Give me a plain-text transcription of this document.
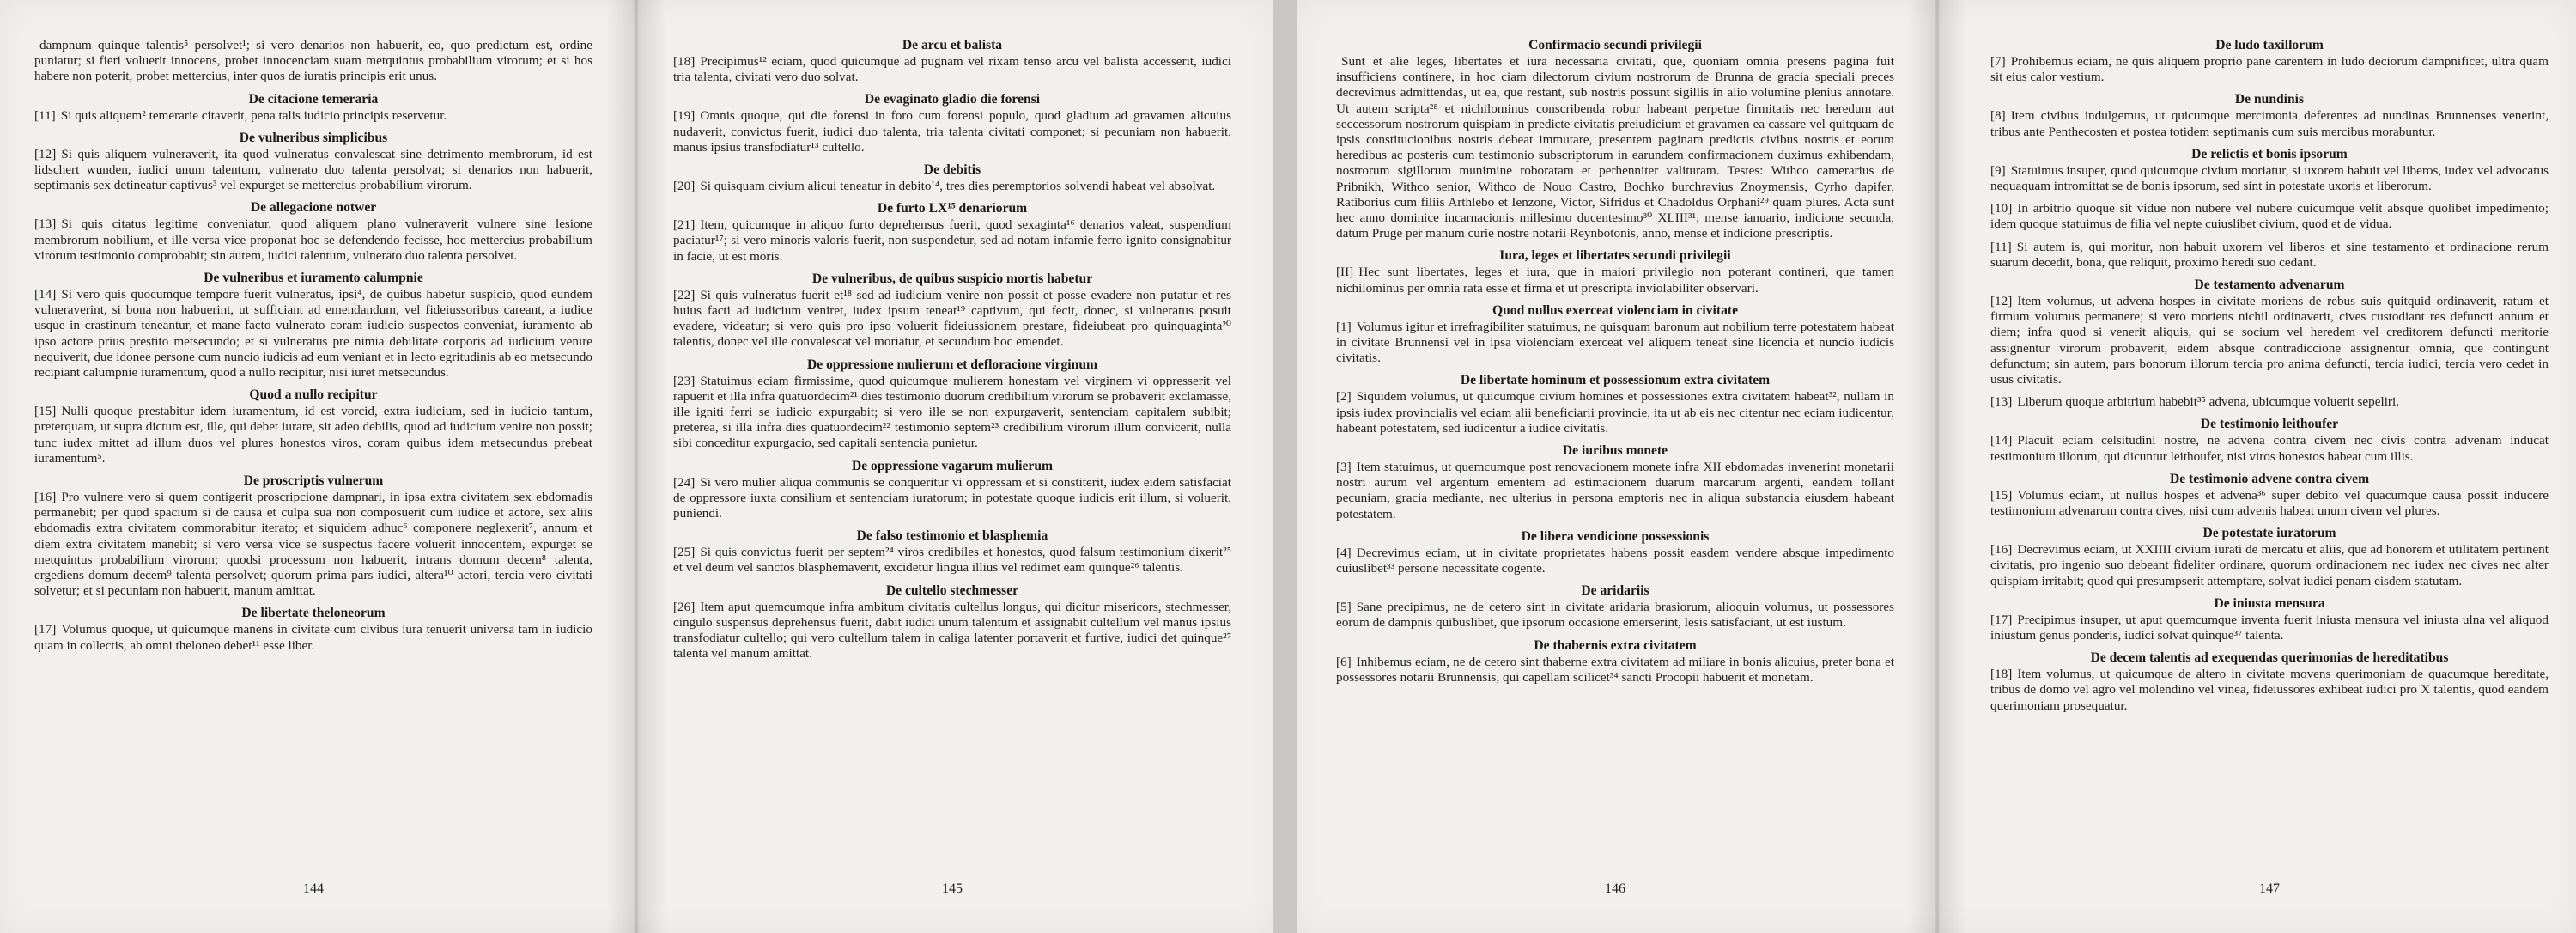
dampnum quinque talentis⁵ persolvet¹; si vero denarios non habuerit, eo, quo predictum est, ordine puniatur; si fieri voluerit innocens, probet innocenciam suam metquintus probabilium virorum; et si hos habere non poterit, probet mettercius, inter quos de iuratis principis erit unus.

De citacione temeraria

[11] Si quis aliquem² temerarie citaverit, pena talis iudicio principis reservetur.

De vulneribus simplicibus

[12] Si quis aliquem vulneraverit, ita quod vulneratus convalescat sine detrimento membrorum, id est lidschert wunden, iudici unum talentum, vulnerato duo talenta persolvat; si denarios non habuerit, septimanis sex detineatur captivus³ vel expurget se mettercius probabilium virorum.

De allegacione notwer

[13] Si quis citatus legitime conveniatur, quod aliquem plano vulneraverit vulnere sine lesione membrorum nobilium, et ille versa vice proponat hoc se defendendo fecisse, hoc mettercius probabilium virorum testimonio comprobabit; sin autem, iudici talentum, vulnerato duo talenta persolvet.

De vulneribus et iuramento calumpnie

[14] Si vero quis quocumque tempore fuerit vulneratus, ipsi⁴, de quibus habetur suspicio, quod eundem vulneraverint, si bona non habuerint, ut sufficiant ad emendandum, vel fideiussoribus careant, a iudice usque in crastinum teneantur, et mane facto vulnerato coram iudicio suspectos conveniat, iuramento ab ipso actore prius prestito metsecundo; et si vulneratus pre nimia debilitate corporis ad iudicium venire nequiverit, due idonee persone cum nuncio iudicis ad eum veniant et in lecto egritudinis ab eo metsecundo recipiant calumpnie iuramentum, quod a nullo recipitur, nisi iuret metsecundus.

Quod a nullo recipitur

[15] Nulli quoque prestabitur idem iuramentum, id est vorcid, extra iudicium, sed in iudicio tantum, preterquam, ut supra dictum est, ille, qui debet iurare, sit adeo debilis, quod ad iudicium venire non possit; tunc iudex mittet ad illum duos vel plures honestos viros, coram quibus idem metsecundus prebeat iuramentum⁵.

De proscriptis vulnerum

[16] Pro vulnere vero si quem contigerit proscripcione dampnari, in ipsa extra civitatem sex ebdomadis permanebit; per quod spacium si de causa et culpa sua non composuerit cum iudice et actore, sex aliis ebdomadis extra civitatem commorabitur iterato; et siquidem adhuc⁶ componere neglexerit⁷, annum et diem extra civitatem manebit; si vero versa vice se suspectus facere voluerit innocentem, expurget se metquintus probabilium virorum; quodsi processum non habuerit, intrans domum decem⁸ talenta, ergediens domum decem⁹ talenta persolvet; quorum prima pars iudici, altera¹⁰ actori, tercia vero civitati solvetur; et si pecuniam non habuerit, manum amittat.

De libertate theloneorum

[17] Volumus quoque, ut quicumque manens in civitate cum civibus iura tenuerit universa tam in iudicio quam in collectis, ab omni theloneo debet¹¹ esse liber.

144
De arcu et balista

[18] Precipimus¹² eciam, quod quicumque ad pugnam vel rixam tenso arcu vel balista accesserit, iudici tria talenta, civitati vero duo solvat.

De evaginato gladio die forensi

[19] Omnis quoque, qui die forensi in foro cum forensi populo, quod gladium ad gravamen alicuius nudaverit, convictus fuerit, iudici duo talenta, tria talenta civitati componet; si pecuniam non habuerit, manus ipsius transfodiatur¹³ cultello.

De debitis

[20] Si quisquam civium alicui teneatur in debito¹⁴, tres dies peremptorios solvendi habeat vel absolvat.

De furto LX¹⁵ denariorum

[21] Item, quicumque in aliquo furto deprehensus fuerit, quod sexaginta¹⁶ denarios valeat, suspendium paciatur¹⁷; si vero minoris valoris fuerit, non suspendetur, sed ad notam infamie ferro ignito consignabitur in facie, ut est moris.

De vulneribus, de quibus suspicio mortis habetur

[22] Si quis vulneratus fuerit et¹⁸ sed ad iudicium venire non possit et posse evadere non putatur et res huius facti ad iudicium veniret, iudex ipsum teneat¹⁹ captivum, qui fecit, donec, si vulneratus posuit evadere, videatur; si vero quis pro ipso voluerit fideiussionem prestare, fideiubeat pro quinquaginta²⁰ talentis, donec vel ille convalescat vel moriatur, et secundum hoc emendet.

De oppressione mulierum et defloracione virginum

[23] Statuimus eciam firmissime, quod quicumque mulierem honestam vel virginem vi oppresserit vel rapuerit et illa infra quatuordecim²¹ dies testimonio duorum credibilium virorum se probaverit exclamasse, ille igniti ferri se iudicio expurgabit; si vero ille se non expurgaverit, sentenciam capitalem subibit; preterea, si illa infra dies quatuordecim²² testimonio septem²³ credibilium virorum illum convicerit, nulla sibi conceditur expurgacio, sed capitali sentencia punietur.

De oppressione vagarum mulierum

[24] Si vero mulier aliqua communis se conqueritur vi oppressam et si constiterit, iudex eidem satisfaciat de oppressore iuxta consilium et sentenciam iuratorum; in potestate quoque iudicis erit illum, si voluerit, puniendi.

De falso testimonio et blasphemia

[25] Si quis convictus fuerit per septem²⁴ viros credibiles et honestos, quod falsum testimonium dixerit²⁵ et vel deum vel sanctos blasphemaverit, excidetur lingua illius vel redimet eam quinque²⁶ talentis.

De cultello stechmesser

[26] Item aput quemcumque infra ambitum civitatis cultellus longus, qui dicitur misericors, stechmesser, cingulo suspensus deprehensus fuerit, dabit iudici unum talentum et assignabit cultellum vel manus ipsius transfodiatur cultello; qui vero cultellum talem in caliga latenter portaverit et furtive, iudici det quinque²⁷ talenta vel manum amittat.

145
Confirmacio secundi privilegii

Sunt et alie leges, libertates et iura necessaria civitati, que, quoniam omnia presens pagina fuit insufficiens continere, in hoc ciam dilectorum civium nostrorum de Brunna de gracia speciali preces decrevimus admittendas, ut ea, que restant, sub nostris possunt sigillis in alio volumine plenius annotare. Ut autem scripta²⁸ et nichilominus conscribenda robur habeant perpetue firmitatis nec heredum aut seccessorum nostrorum quispiam in predicte civitatis preiudicium et gravamen ea cassare vel quitquam de ipsis constitucionibus nostris debeat immutare, presentem paginam predictis civibus nostris et eorum heredibus ac posteris cum testimonio subscriptorum in earundem confirmacionem duximus exhibendam, nostrorum sigillorum munimine roboratam et perhenniter valituram. Testes: Withco camerarius de Pribnikh, Withco senior, Withco de Nouo Castro, Bochko burchravius Znoymensis, Cyrho dapifer, Ratiborius cum filiis Arthlebo et Ienzone, Victor, Sifridus et Chadoldus Orphani²⁹ quam plures. Acta sunt hec anno dominice incarnacionis millesimo ducentesimo³⁰ XLIII³¹, mense ianuario, indicione secunda, datum Pruge per manum curie nostre notarii Reynbotonis, anno, mense et indicione prescriptis.

Iura, leges et libertates secundi privilegii

[II] Hec sunt libertates, leges et iura, que in maiori privilegio non poterant contineri, que tamen nichilominus per omnia rata esse et firma et ut prescripta inviolabiliter observari.

Quod nullus exerceat violenciam in civitate

[1] Volumus igitur et irrefragibiliter statuimus, ne quisquam baronum aut nobilium terre potestatem habeat in civitate Brunnensi vel in ipsa violenciam exerceat vel aliquem teneat sine licencia et nuncio iudicis civitatis.

De libertate hominum et possessionum extra civitatem

[2] Siquidem volumus, ut quicumque civium homines et possessiones extra civitatem habeat³², nullam in ipsis iudex provincialis vel eciam alii beneficiarii provincie, ita ut ab eis nec citentur nec eciam iudicentur, habeant potestatem, sed iudicentur a iudice civitatis.

De iuribus monete

[3] Item statuimus, ut quemcumque post renovacionem monete infra XII ebdomadas invenerint monetarii nostri aurum vel argentum ementem ad estimacionem duarum marcarum argenti, eandem tollant pecuniam, gracia mediante, nec ulterius in persona emptoris nec in aliqua substancia eiusdem habeant potestatem.

De libera vendicione possessionis

[4] Decrevimus eciam, ut in civitate proprietates habens possit easdem vendere absque impedimento cuiuslibet³³ persone necessitate cogente.

De aridariis

[5] Sane precipimus, ne de cetero sint in civitate aridaria brasiorum, alioquin volumus, ut possessores eorum de dampnis quibuslibet, que ipsorum occasione emerserint, lesis satisfaciant, ut est iustum.

De thabernis extra civitatem

[6] Inhibemus eciam, ne de cetero sint thaberne extra civitatem ad miliare in bonis alicuius, preter bona et possessores notarii Brunnensis, qui capellam scilicet³⁴ sancti Procopii habuerit et monetam.

146
De ludo taxillorum

[7] Prohibemus eciam, ne quis aliquem proprio pane carentem in ludo deciorum dampnificet, ultra quam sit eius calor vestium.

De nundinis

[8] Item civibus indulgemus, ut quicumque mercimonia deferentes ad nundinas Brunnenses venerint, tribus ante Penthecosten et postea totidem septimanis cum suis mercibus morabuntur.

De relictis et bonis ipsorum

[9] Statuimus insuper, quod quicumque civium moriatur, si uxorem habuit vel liberos, iudex vel advocatus nequaquam intromittat se de bonis ipsorum, sed sint in potestate uxoris et liberorum.

[10] In arbitrio quoque sit vidue non nubere vel nubere cuicumque velit absque quolibet impedimento; idem quoque statuimus de filia vel nepte cuiuslibet civium, quod et de vidua.

[11] Si autem is, qui moritur, non habuit uxorem vel liberos et sine testamento et ordinacione rerum suarum decedit, bona, que reliquit, proximo heredi suo cedant.

De testamento advenarum

[12] Item volumus, ut advena hospes in civitate moriens de rebus suis quitquid ordinaverit, ratum et firmum volumus permanere; si vero moriens nichil ordinaverit, cives custodiant res defuncti annum et diem; infra quod si venerit aliquis, qui se socium vel heredem vel creditorem defuncti meritorie assignentur virorum probaverit, eidem absque contradiccione assignentur omnia, que contingunt defunctum; sin autem, pars bonorum illorum tercia pro anima defuncti, tercia iudici, tercia vero cedet in usus civitatis.

[13] Liberum quoque arbitrium habebit³⁵ advena, ubicumque voluerit sepeliri.

De testimonio leithoufer

[14] Placuit eciam celsitudini nostre, ne advena contra civem nec civis contra advenam inducat testimonium illorum, qui dicuntur leithoufer, nisi viros honestos habeat cum illis.

De testimonio advene contra civem

[15] Volumus eciam, ut nullus hospes et advena³⁶ super debito vel quacumque causa possit inducere testimonium advenarum contra cives, nisi cum advenis habeat unum civem vel plures.

De potestate iuratorum

[16] Decrevimus eciam, ut XXIIII civium iurati de mercatu et aliis, que ad honorem et utilitatem pertinent civitatis, pro ingenio suo debeant fideliter ordinare, quorum ordinacionem nec iudex nec cives nec alter quispiam irritabit; quod qui presumpserit attemptare, solvat iudici penam eisdem statutam.

De iniusta mensura

[17] Precipimus insuper, ut aput quemcumque inventa fuerit iniusta mensura vel iniusta ulna vel aliquod iniustum genus ponderis, iudici solvat quinque³⁷ talenta.

De decem talentis ad exequendas querimonias de hereditatibus

[18] Item volumus, ut quicumque de altero in civitate movens querimoniam de quacumque hereditate, tribus de domo vel agro vel molendino vel vinea, fideiussores exhibeat iudici pro X talentis, quod eandem querimoniam prosequatur.

147
